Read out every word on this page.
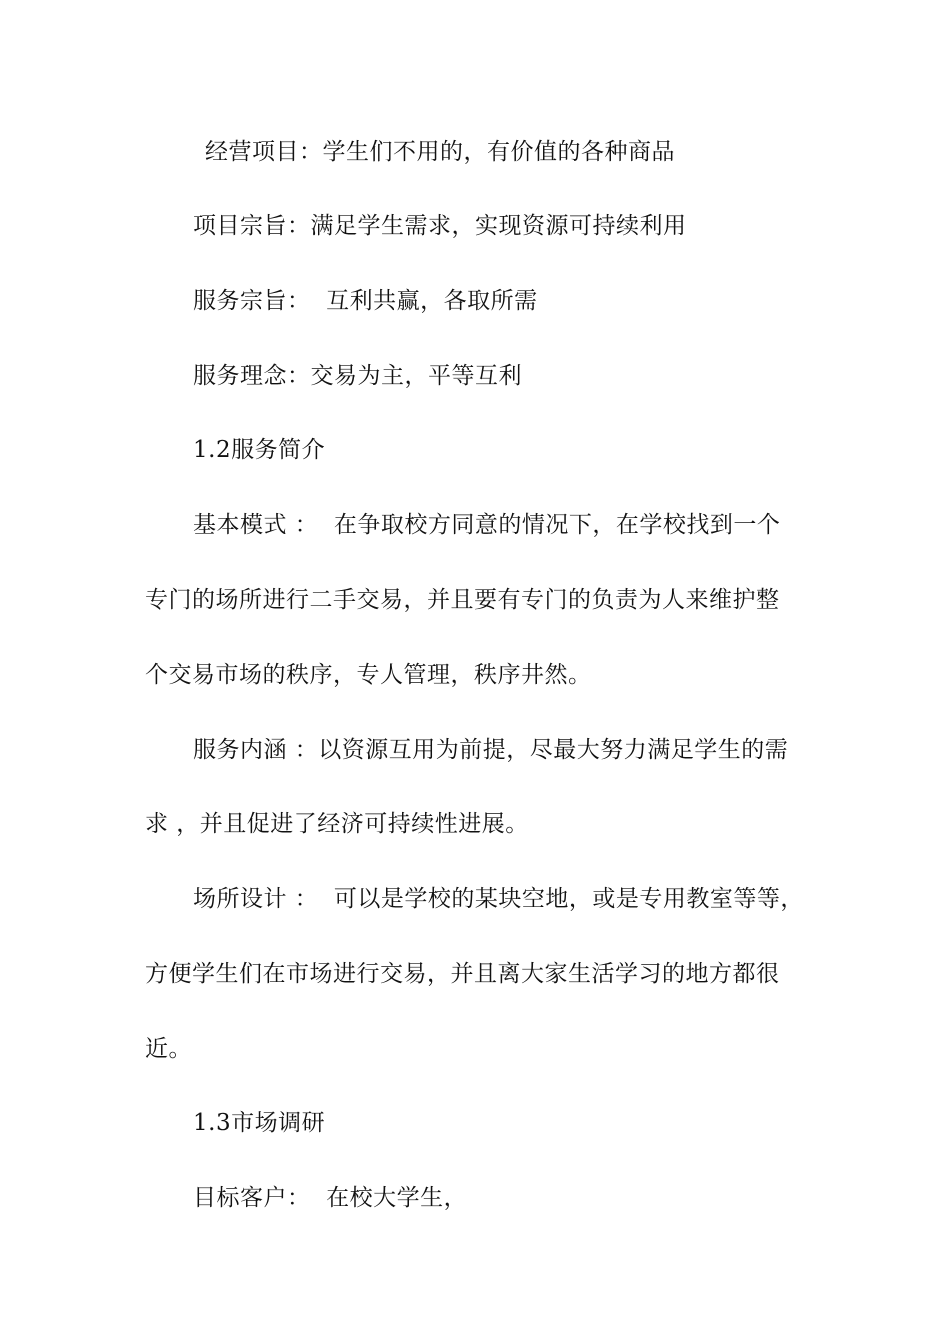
经营项目：学生们不用的，有价值的各种商品
项目宗旨：满足学生需求，实现资源可持续利用
服务宗旨：  互利共赢，各取所需
服务理念：交易为主，平等互利
1.2服务简介
基本模式 ：  在争取校方同意的情况下，在学校找到一个
专门的场所进行二手交易，并且要有专门的负责为人来维护整
个交易市场的秩序，专人管理，秩序井然。
服务内涵 ：以资源互用为前提，尽最大努力满足学生的需
求 ，并且促进了经济可持续性进展。
场所设计 ：  可以是学校的某块空地，或是专用教室等等，
方便学生们在市场进行交易，并且离大家生活学习的地方都很
近。
1.3市场调研
目标客户：  在校大学生，
